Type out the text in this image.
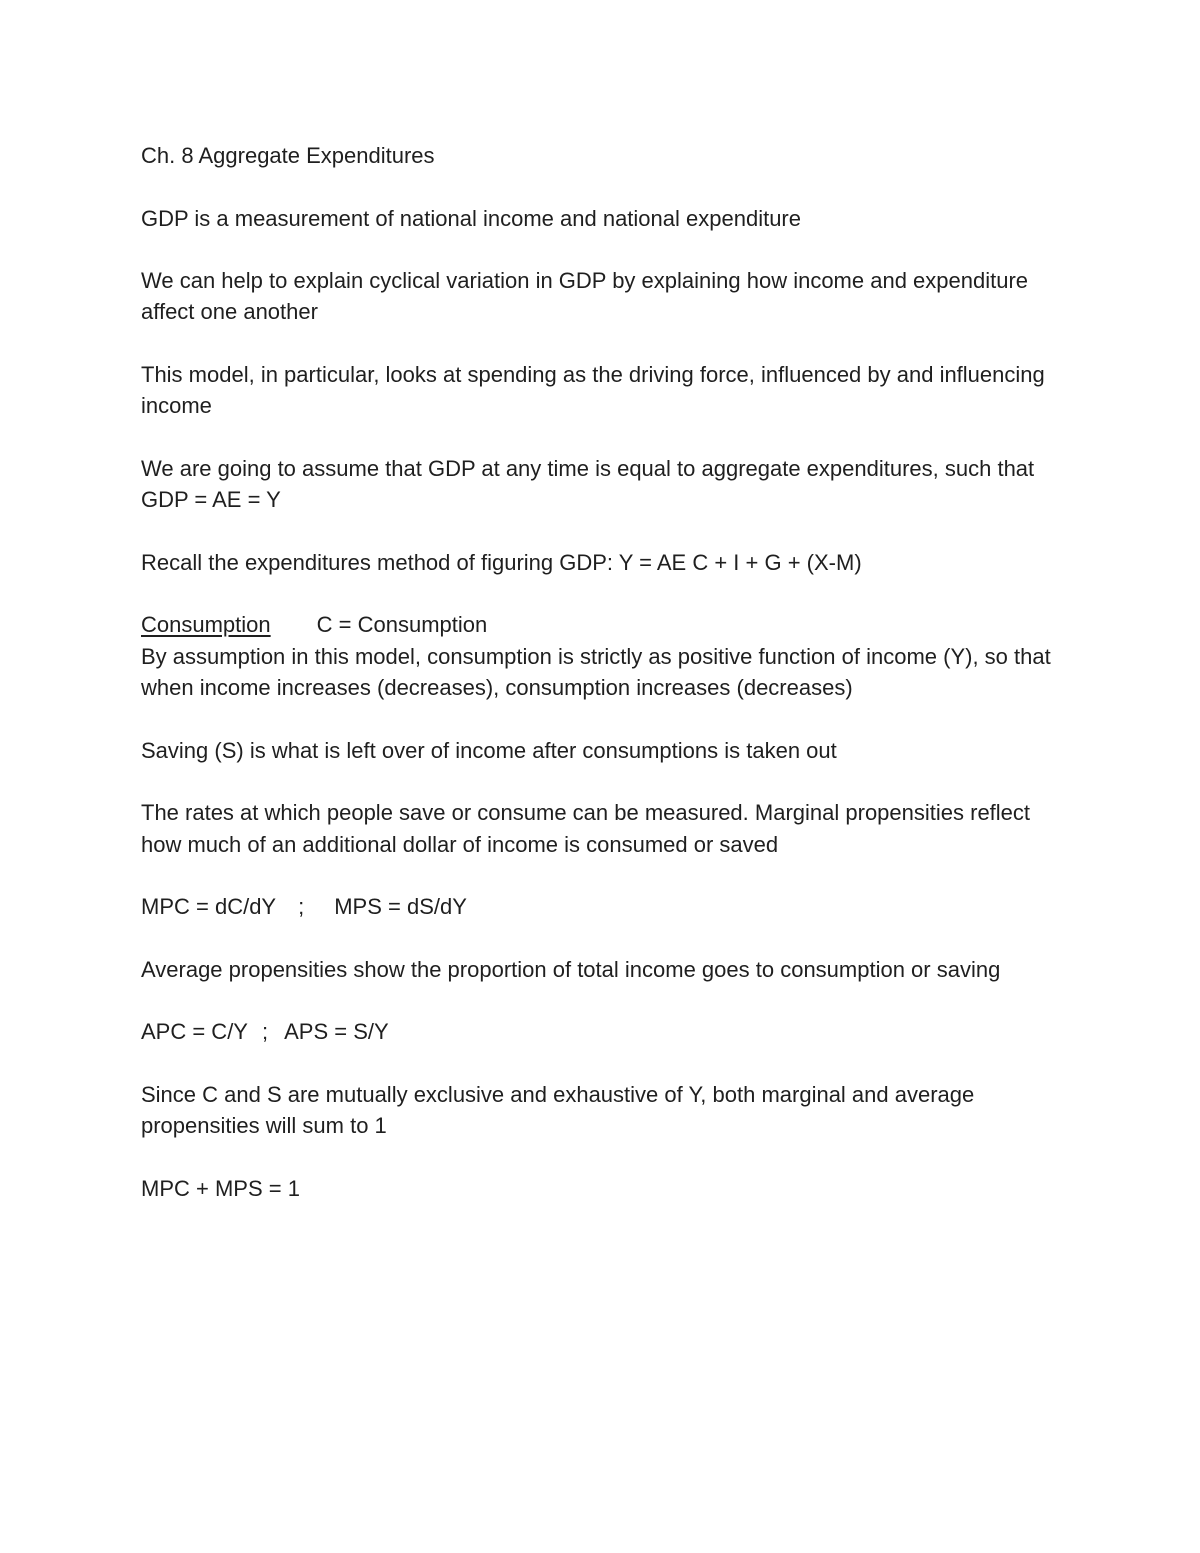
Ch. 8 Aggregate Expenditures

GDP is a measurement of national income and national expenditure

We can help to explain cyclical variation in GDP by explaining how income and expenditure affect one another

This model, in particular, looks at spending as the driving force, influenced by and influencing income

We are going to assume that GDP at any time is equal to aggregate expenditures, such that GDP = AE = Y

Recall the expenditures method of figuring GDP: Y = AE C + I + G + (X-M)

Consumption C = Consumption

By assumption in this model, consumption is strictly as positive function of income (Y), so that when income increases (decreases), consumption increases (decreases)

Saving (S) is what is left over of income after consumptions is taken out

The rates at which people save or consume can be measured. Marginal propensities reflect how much of an additional dollar of income is consumed or saved

MPC = dC/dY ; MPS = dS/dY

Average propensities show the proportion of total income goes to consumption or saving

APC = C/Y ; APS = S/Y

Since C and S are mutually exclusive and exhaustive of Y, both marginal and average propensities will sum to 1

MPC + MPS = 1
